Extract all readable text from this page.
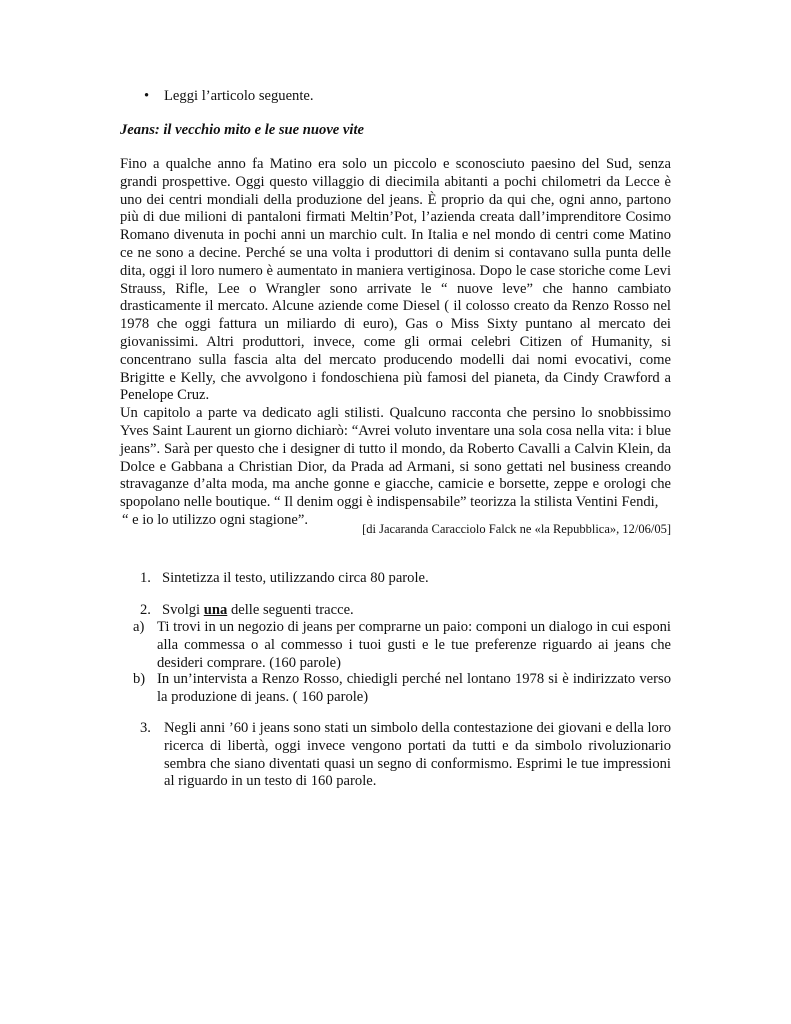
• Leggi l’articolo seguente.
Jeans: il vecchio mito e le sue nuove vite
Fino a qualche anno fa Matino era solo un piccolo e sconosciuto paesino del Sud, senza
grandi prospettive. Oggi questo villaggio di diecimila abitanti a pochi chilometri da Lecce è
uno dei centri mondiali della produzione del jeans. È proprio da qui che, ogni anno, partono
più di due milioni di pantaloni firmati Meltin’Pot, l’azienda creata dall’imprenditore Cosimo
Romano divenuta in pochi anni un marchio cult. In Italia e nel mondo di centri come Matino
ce ne sono a decine. Perché se una volta i produttori di denim si contavano sulla punta delle
dita, oggi il loro numero è aumentato in maniera vertiginosa. Dopo le case storiche come Levi
Strauss, Rifle, Lee o Wrangler sono arrivate le “ nuove leve” che hanno cambiato
drasticamente il mercato. Alcune aziende come Diesel ( il colosso creato da Renzo Rosso nel
1978 che oggi fattura un miliardo di euro), Gas o Miss Sixty puntano al mercato dei
giovanissimi. Altri produttori, invece, come gli ormai celebri Citizen of Humanity, si
concentrano sulla fascia alta del mercato producendo modelli dai nomi evocativi, come
Brigitte e Kelly, che avvolgono i fondoschiena più famosi del pianeta, da Cindy Crawford a
Penelope Cruz.
Un capitolo a parte va dedicato agli stilisti. Qualcuno racconta che persino lo snobbissimo
Yves Saint Laurent un giorno dichiarò: “Avrei voluto inventare una sola cosa nella vita: i blue
jeans”. Sarà per questo che i designer di tutto il mondo, da Roberto Cavalli a Calvin Klein, da
Dolce e Gabbana a Christian Dior, da Prada ad Armani, si sono gettati nel business creando
stravaganze d’alta moda, ma anche gonne e giacche, camicie e borsette, zeppe e orologi che
spopolano nelle boutique. “ Il denim oggi è indispensabile” teorizza la stilista Ventini Fendi,
“ e io lo utilizzo ogni stagione”.
[di Jacaranda Caracciolo Falck ne «la Repubblica», 12/06/05]
1. Sintetizza il testo, utilizzando circa 80 parole.
2. Svolgi una delle seguenti tracce.
a) Ti trovi in un negozio di jeans per comprarne un paio: componi un dialogo in cui esponi
alla commessa o al commesso i tuoi gusti e le tue preferenze riguardo ai jeans che
desideri comprare. (160 parole)
b) In un’intervista a Renzo Rosso, chiedigli perché nel lontano 1978 si è indirizzato verso
la produzione di jeans. ( 160 parole)
3. Negli anni ’60 i jeans sono stati un simbolo della contestazione dei giovani e della loro
ricerca di libertà, oggi invece vengono portati da tutti e da simbolo rivoluzionario
sembra che siano diventati quasi un segno di conformismo. Esprimi le tue impressioni
al riguardo in un testo di 160 parole.
